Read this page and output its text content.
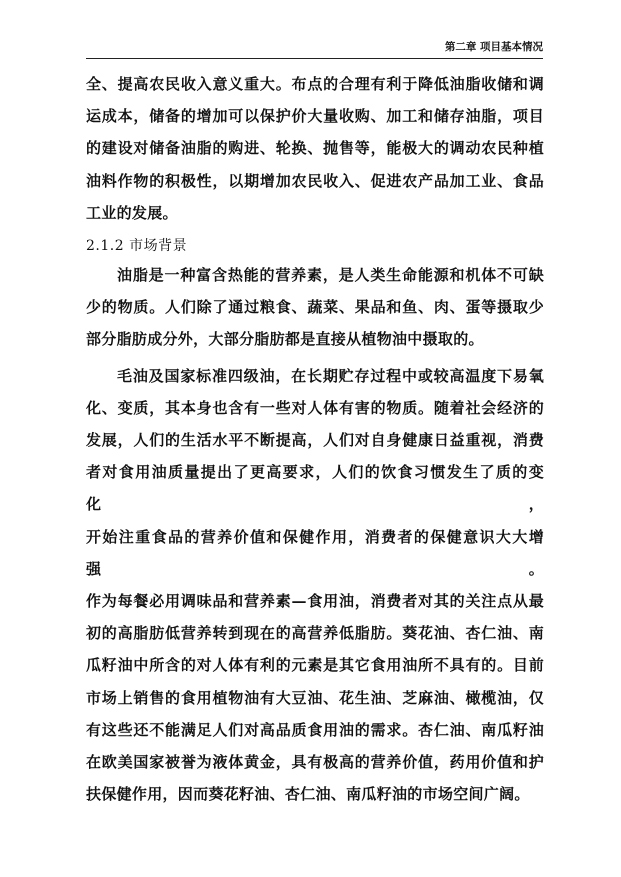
第二章 项目基本情况
全、提高农民收入意义重大。布点的合理有利于降低油脂收储和调
运成本，储备的增加可以保护价大量收购、加工和储存油脂，项目
的建设对储备油脂的购进、轮换、抛售等，能极大的调动农民种植
油料作物的积极性，以期增加农民收入、促进农产品加工业、食品
工业的发展。
2.1.2 市场背景
油脂是一种富含热能的营养素，是人类生命能源和机体不可缺
少的物质。人们除了通过粮食、蔬菜、果品和鱼、肉、蛋等摄取少
部分脂肪成分外，大部分脂肪都是直接从植物油中摄取的。
毛油及国家标准四级油，在长期贮存过程中或较高温度下易氧
化、变质，其本身也含有一些对人体有害的物质。随着社会经济的
发展，人们的生活水平不断提高，人们对自身健康日益重视，消费
者对食用油质量提出了更高要求，人们的饮食习惯发生了质的变化，
开始注重食品的营养价值和保健作用，消费者的保健意识大大增强。
作为每餐必用调味品和营养素—食用油，消费者对其的关注点从最
初的高脂肪低营养转到现在的高营养低脂肪。葵花油、杏仁油、南
瓜籽油中所含的对人体有利的元素是其它食用油所不具有的。目前
市场上销售的食用植物油有大豆油、花生油、芝麻油、橄榄油，仅
有这些还不能满足人们对高品质食用油的需求。杏仁油、南瓜籽油
在欧美国家被誉为液体黄金，具有极高的营养价值，药用价值和护
扶保健作用，因而葵花籽油、杏仁油、南瓜籽油的市场空间广阔。
